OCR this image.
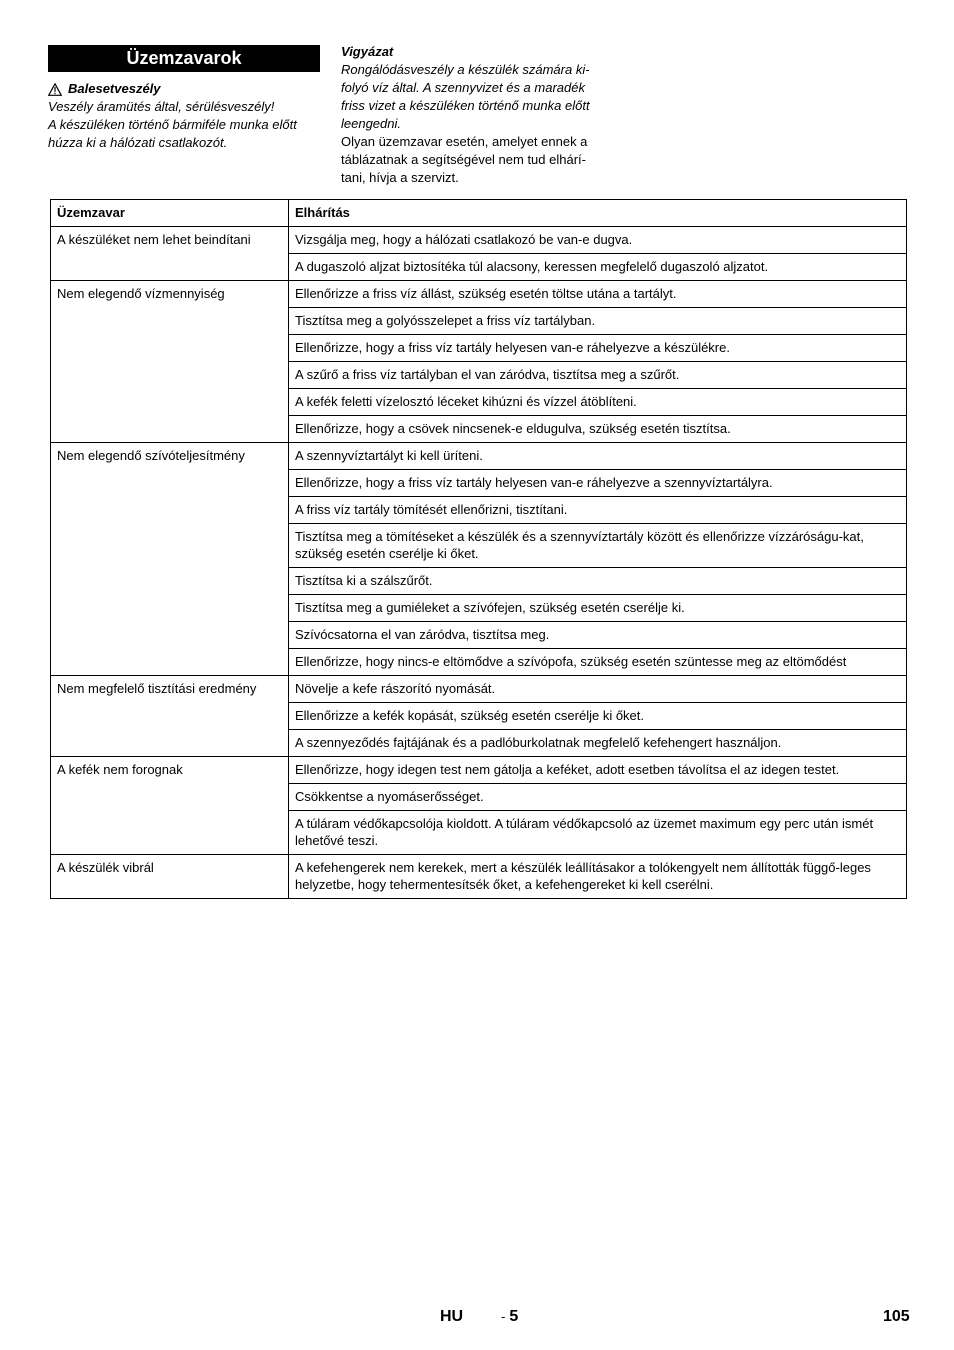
Üzemzavarok
Balesetveszély
Veszély áramütés által, sérülésveszély!
A készüléken történő bármiféle munka előtt
húzza ki a hálózati csatlakozót.
Vigyázat
Rongálódásveszély a készülék számára ki-
folyó víz által. A szennyvizet és a maradék
friss vizet a készüléken történő munka előtt
leengedni.
Olyan üzemzavar esetén, amelyet ennek a
táblázatnak a segítségével nem tud elhárí-
tani, hívja a szervizt.
Üzemzavar	Elhárítás
A készüléket nem lehet beindítani	Vizsgálja meg, hogy a hálózati csatlakozó be van-e dugva.
	A dugaszoló aljzat biztosítéka túl alacsony, keressen megfelelő dugaszoló aljzatot.
Nem elegendő vízmennyiség	Ellenőrizze a friss víz állást, szükség esetén töltse utána a tartályt.
	Tisztítsa meg a golyósszelepet a friss víz tartályban.
	Ellenőrizze, hogy a friss víz tartály helyesen van-e ráhelyezve a készülékre.
	A szűrő a friss víz tartályban el van záródva, tisztítsa meg a szűrőt.
	A kefék feletti vízelosztó léceket kihúzni és vízzel átöblíteni.
	Ellenőrizze, hogy a csövek nincsenek-e eldugulva, szükség esetén tisztítsa.
Nem elegendő szívóteljesítmény	A szennyvíztartályt ki kell üríteni.
	Ellenőrizze, hogy a friss víz tartály helyesen van-e ráhelyezve a szennyvíztartályra.
	A friss víz tartály tömítését ellenőrizni, tisztítani.
	Tisztítsa meg a tömítéseket a készülék és a szennyvíztartály között és ellenőrizze vízzáróságu-kat, szükség esetén cserélje ki őket.
	Tisztítsa ki a szálszűrőt.
	Tisztítsa meg a gumiéleket a szívófejen, szükség esetén cserélje ki.
	Szívócsatorna el van záródva, tisztítsa meg.
	Ellenőrizze, hogy nincs-e eltömődve a szívópofa, szükség esetén szüntesse meg az eltömődést
Nem megfelelő tisztítási eredmény	Növelje a kefe rászorító nyomását.
	Ellenőrizze a kefék kopását, szükség esetén cserélje ki őket.
	A szennyeződés fajtájának és a padlóburkolatnak megfelelő kefehengert használjon.
A kefék nem forognak	Ellenőrizze, hogy idegen test nem gátolja a keféket, adott esetben távolítsa el az idegen testet.
	Csökkentse a nyomáserősséget.
	A túláram védőkapcsolója kioldott. A túláram védőkapcsoló az üzemet maximum egy perc után ismét lehetővé teszi.
A készülék vibrál	A kefehengerek nem kerekek, mert a készülék leállításakor a tolókengyelt nem állították függő-leges helyzetbe, hogy tehermentesítsék őket, a kefehengereket ki kell cserélni.
HU	- 5	105
